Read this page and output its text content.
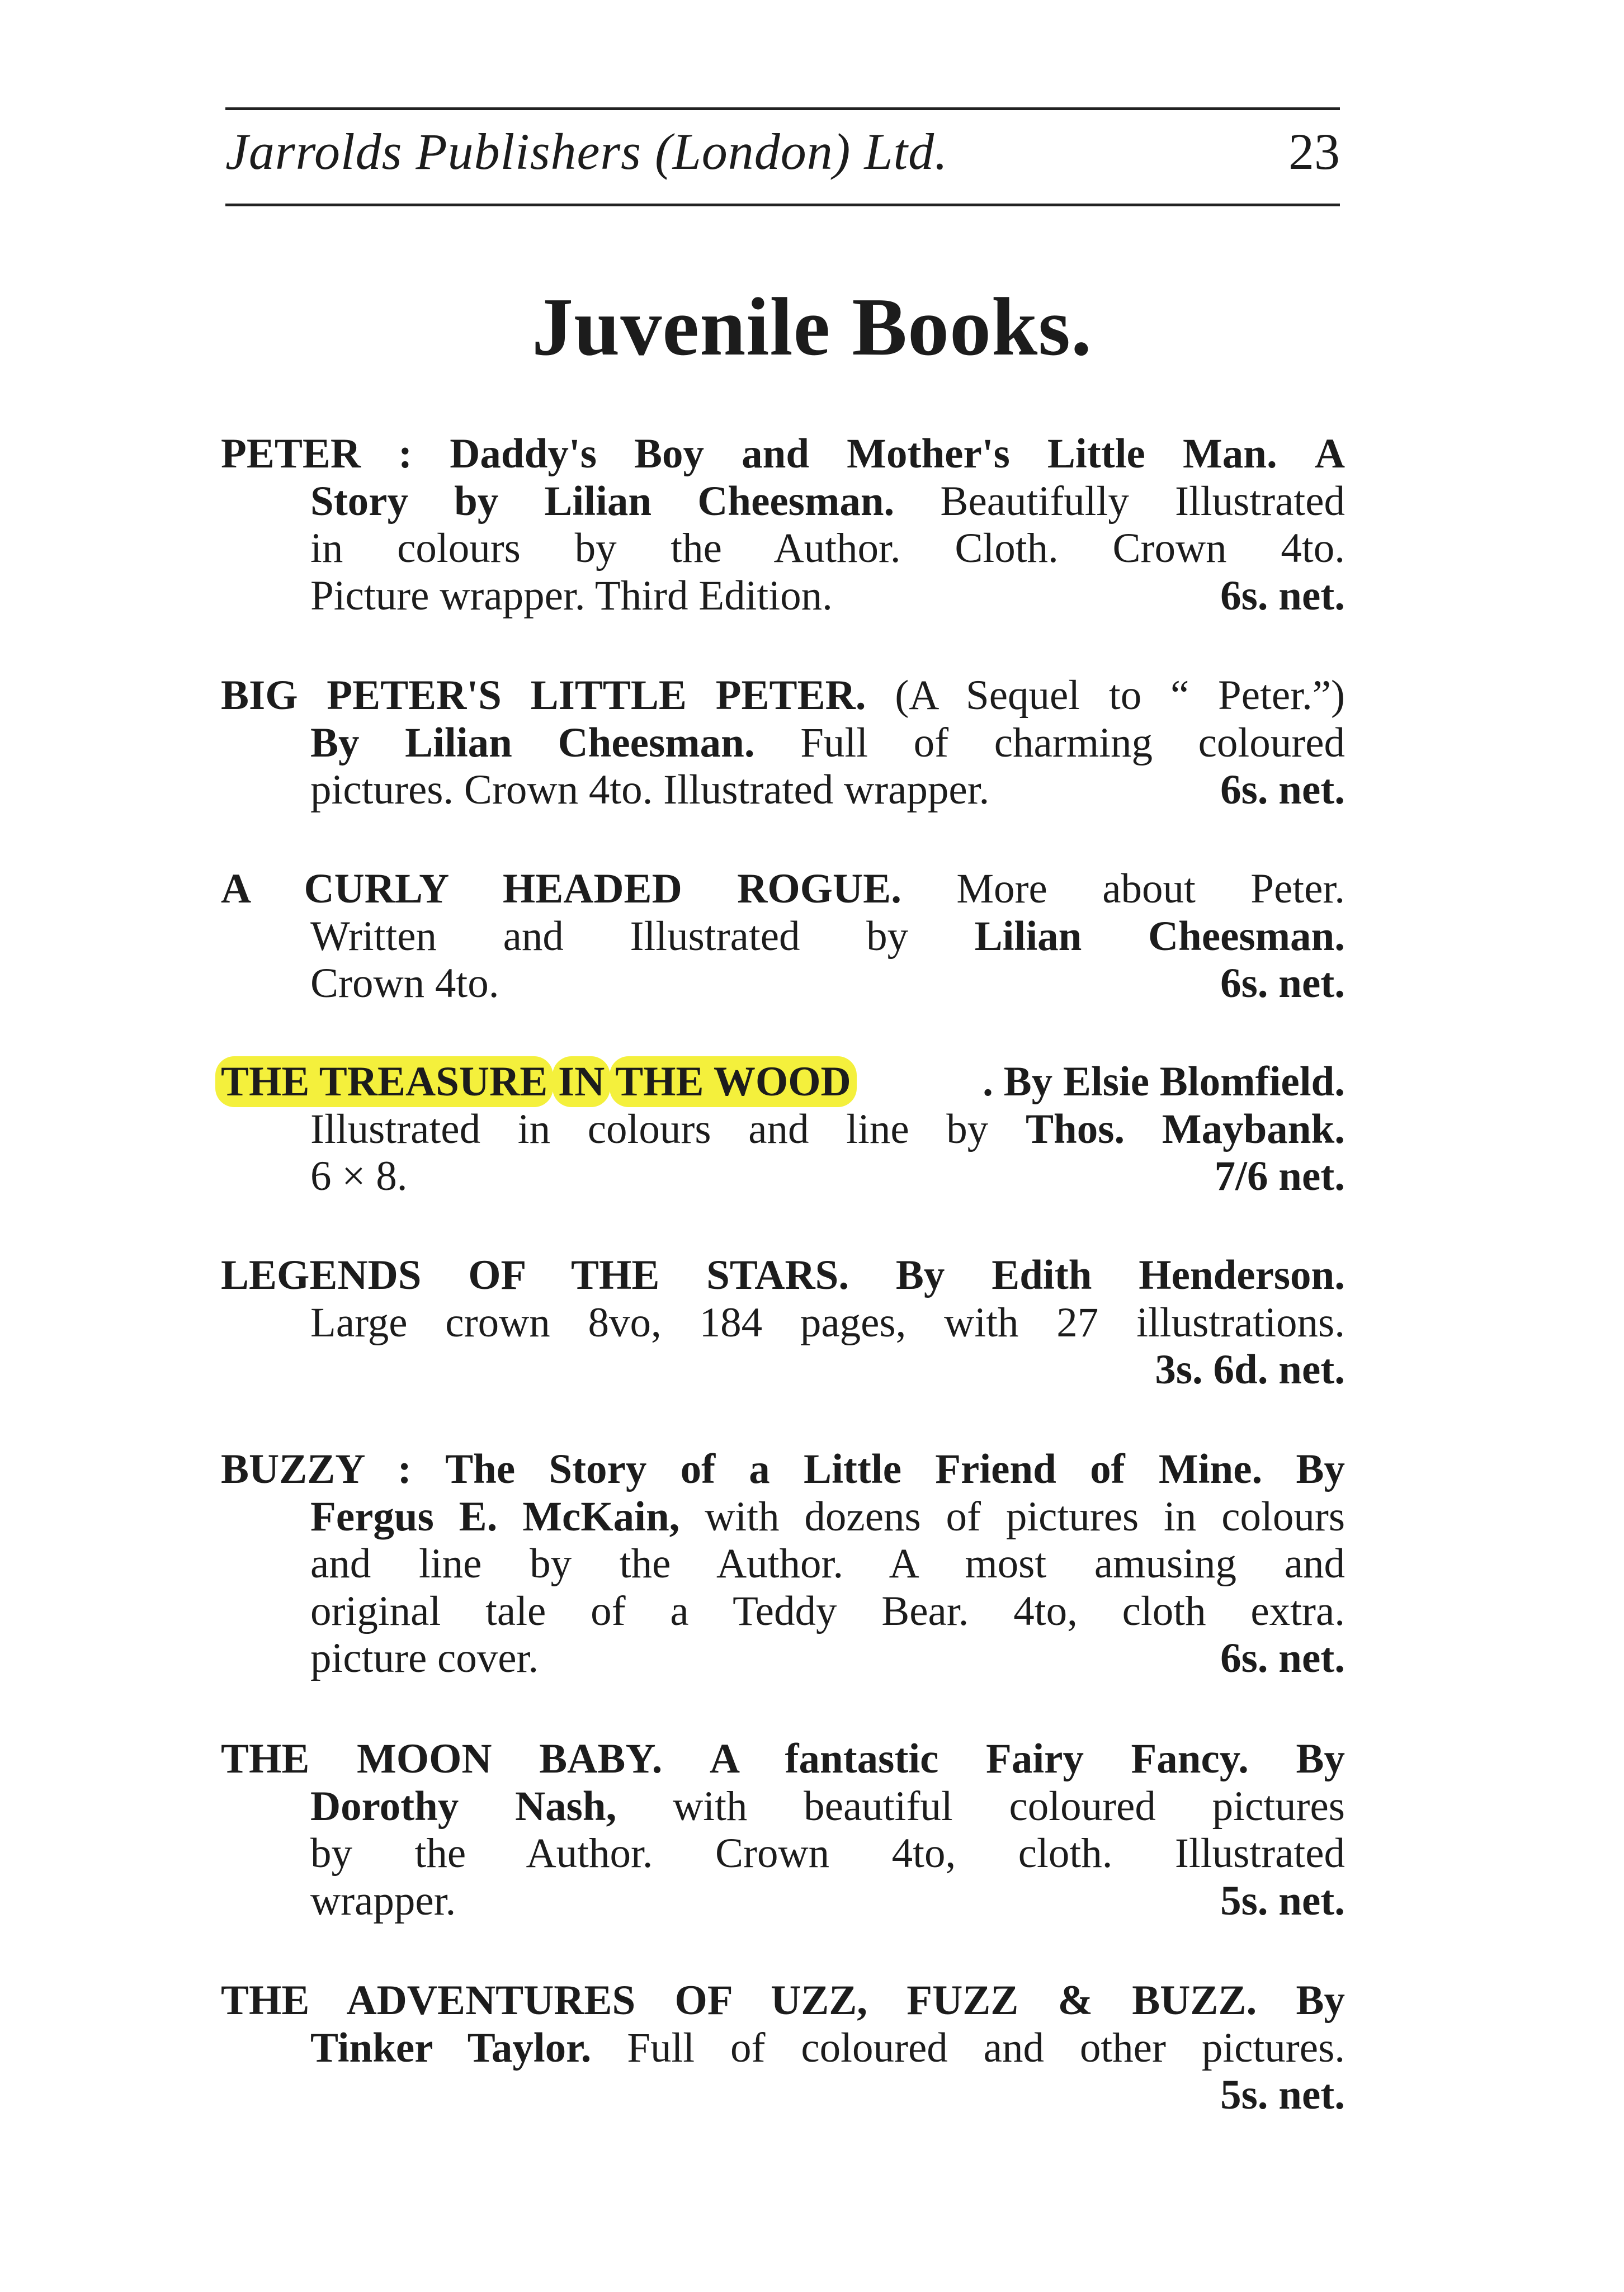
Jarrolds Publishers (London) Ltd.	23
Juvenile Books.
PETER : Daddy's Boy and Mother's Little Man. A
Story by Lilian Cheesman. Beautifully Illustrated
in colours by the Author. Cloth. Crown 4to.
Picture wrapper. Third Edition.	6s. net.
BIG PETER'S LITTLE PETER. (A Sequel to “ Peter.”)
By Lilian Cheesman. Full of charming coloured
pictures. Crown 4to. Illustrated wrapper.	6s. net.
A CURLY HEADED ROGUE. More about Peter.
Written and Illustrated by Lilian Cheesman.
Crown 4to.	6s. net.
THE TREASURE IN THE WOOD	. By Elsie Blomfield.
Illustrated in colours and line by Thos. Maybank.
6 × 8.	7/6 net.
LEGENDS OF THE STARS. By Edith Henderson.
Large crown 8vo, 184 pages, with 27 illustrations.
3s. 6d. net.
BUZZY : The Story of a Little Friend of Mine. By
Fergus E. McKain, with dozens of pictures in colours
and line by the Author. A most amusing and
original tale of a Teddy Bear. 4to, cloth extra.
picture cover.	6s. net.
THE MOON BABY. A fantastic Fairy Fancy. By
Dorothy Nash, with beautiful coloured pictures
by the Author. Crown 4to, cloth. Illustrated
wrapper.	5s. net.
THE ADVENTURES OF UZZ, FUZZ & BUZZ. By
Tinker Taylor. Full of coloured and other pictures.
5s. net.
